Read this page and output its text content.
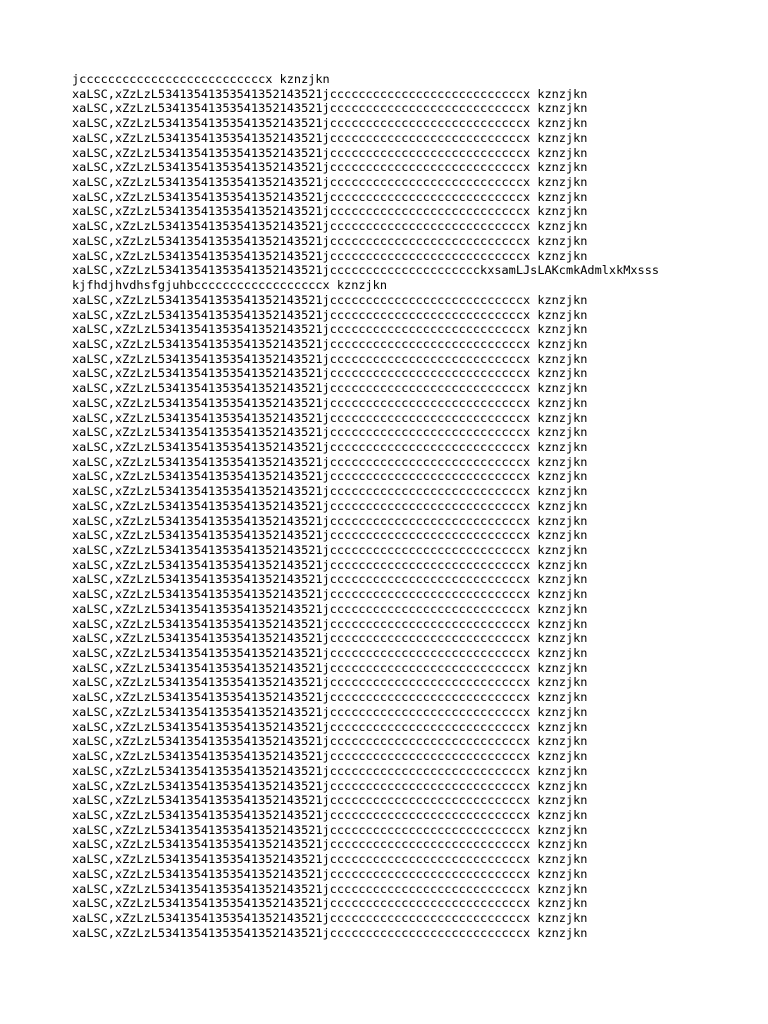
jccccccccccccccccccccccccccx kznzjkn
xaLSC,xZzLzL53413541353541352143521jcccccccccccccccccccccccccccx kznzjkn
xaLSC,xZzLzL53413541353541352143521jcccccccccccccccccccccccccccx kznzjkn
xaLSC,xZzLzL53413541353541352143521jcccccccccccccccccccccccccccx kznzjkn
xaLSC,xZzLzL53413541353541352143521jcccccccccccccccccccccccccccx kznzjkn
xaLSC,xZzLzL53413541353541352143521jcccccccccccccccccccccccccccx kznzjkn
xaLSC,xZzLzL53413541353541352143521jcccccccccccccccccccccccccccx kznzjkn
xaLSC,xZzLzL53413541353541352143521jcccccccccccccccccccccccccccx kznzjkn
xaLSC,xZzLzL53413541353541352143521jcccccccccccccccccccccccccccx kznzjkn
xaLSC,xZzLzL53413541353541352143521jcccccccccccccccccccccccccccx kznzjkn
xaLSC,xZzLzL53413541353541352143521jcccccccccccccccccccccccccccx kznzjkn
xaLSC,xZzLzL53413541353541352143521jcccccccccccccccccccccccccccx kznzjkn
xaLSC,xZzLzL53413541353541352143521jcccccccccccccccccccccccccccx kznzjkn
xaLSC,xZzLzL53413541353541352143521jccccccccccccccccccccckxsamLJsLAKcmkAdmlxkMxsss
kjfhdjhvdhsfgjuhbccccccccccccccccccx kznzjkn
xaLSC,xZzLzL53413541353541352143521jcccccccccccccccccccccccccccx kznzjkn
xaLSC,xZzLzL53413541353541352143521jcccccccccccccccccccccccccccx kznzjkn
xaLSC,xZzLzL53413541353541352143521jcccccccccccccccccccccccccccx kznzjkn
xaLSC,xZzLzL53413541353541352143521jcccccccccccccccccccccccccccx kznzjkn
xaLSC,xZzLzL53413541353541352143521jcccccccccccccccccccccccccccx kznzjkn
xaLSC,xZzLzL53413541353541352143521jcccccccccccccccccccccccccccx kznzjkn
xaLSC,xZzLzL53413541353541352143521jcccccccccccccccccccccccccccx kznzjkn
xaLSC,xZzLzL53413541353541352143521jcccccccccccccccccccccccccccx kznzjkn
xaLSC,xZzLzL53413541353541352143521jcccccccccccccccccccccccccccx kznzjkn
xaLSC,xZzLzL53413541353541352143521jcccccccccccccccccccccccccccx kznzjkn
xaLSC,xZzLzL53413541353541352143521jcccccccccccccccccccccccccccx kznzjkn
xaLSC,xZzLzL53413541353541352143521jcccccccccccccccccccccccccccx kznzjkn
xaLSC,xZzLzL53413541353541352143521jcccccccccccccccccccccccccccx kznzjkn
xaLSC,xZzLzL53413541353541352143521jcccccccccccccccccccccccccccx kznzjkn
xaLSC,xZzLzL53413541353541352143521jcccccccccccccccccccccccccccx kznzjkn
xaLSC,xZzLzL53413541353541352143521jcccccccccccccccccccccccccccx kznzjkn
xaLSC,xZzLzL53413541353541352143521jcccccccccccccccccccccccccccx kznzjkn
xaLSC,xZzLzL53413541353541352143521jcccccccccccccccccccccccccccx kznzjkn
xaLSC,xZzLzL53413541353541352143521jcccccccccccccccccccccccccccx kznzjkn
xaLSC,xZzLzL53413541353541352143521jcccccccccccccccccccccccccccx kznzjkn
xaLSC,xZzLzL53413541353541352143521jcccccccccccccccccccccccccccx kznzjkn
xaLSC,xZzLzL53413541353541352143521jcccccccccccccccccccccccccccx kznzjkn
xaLSC,xZzLzL53413541353541352143521jcccccccccccccccccccccccccccx kznzjkn
xaLSC,xZzLzL53413541353541352143521jcccccccccccccccccccccccccccx kznzjkn
xaLSC,xZzLzL53413541353541352143521jcccccccccccccccccccccccccccx kznzjkn
xaLSC,xZzLzL53413541353541352143521jcccccccccccccccccccccccccccx kznzjkn
xaLSC,xZzLzL53413541353541352143521jcccccccccccccccccccccccccccx kznzjkn
xaLSC,xZzLzL53413541353541352143521jcccccccccccccccccccccccccccx kznzjkn
xaLSC,xZzLzL53413541353541352143521jcccccccccccccccccccccccccccx kznzjkn
xaLSC,xZzLzL53413541353541352143521jcccccccccccccccccccccccccccx kznzjkn
xaLSC,xZzLzL53413541353541352143521jcccccccccccccccccccccccccccx kznzjkn
xaLSC,xZzLzL53413541353541352143521jcccccccccccccccccccccccccccx kznzjkn
xaLSC,xZzLzL53413541353541352143521jcccccccccccccccccccccccccccx kznzjkn
xaLSC,xZzLzL53413541353541352143521jcccccccccccccccccccccccccccx kznzjkn
xaLSC,xZzLzL53413541353541352143521jcccccccccccccccccccccccccccx kznzjkn
xaLSC,xZzLzL53413541353541352143521jcccccccccccccccccccccccccccx kznzjkn
xaLSC,xZzLzL53413541353541352143521jcccccccccccccccccccccccccccx kznzjkn
xaLSC,xZzLzL53413541353541352143521jcccccccccccccccccccccccccccx kznzjkn
xaLSC,xZzLzL53413541353541352143521jcccccccccccccccccccccccccccx kznzjkn
xaLSC,xZzLzL53413541353541352143521jcccccccccccccccccccccccccccx kznzjkn
xaLSC,xZzLzL53413541353541352143521jcccccccccccccccccccccccccccx kznzjkn
xaLSC,xZzLzL53413541353541352143521jcccccccccccccccccccccccccccx kznzjkn
xaLSC,xZzLzL53413541353541352143521jcccccccccccccccccccccccccccx kznzjkn
xaLSC,xZzLzL53413541353541352143521jcccccccccccccccccccccccccccx kznzjkn
